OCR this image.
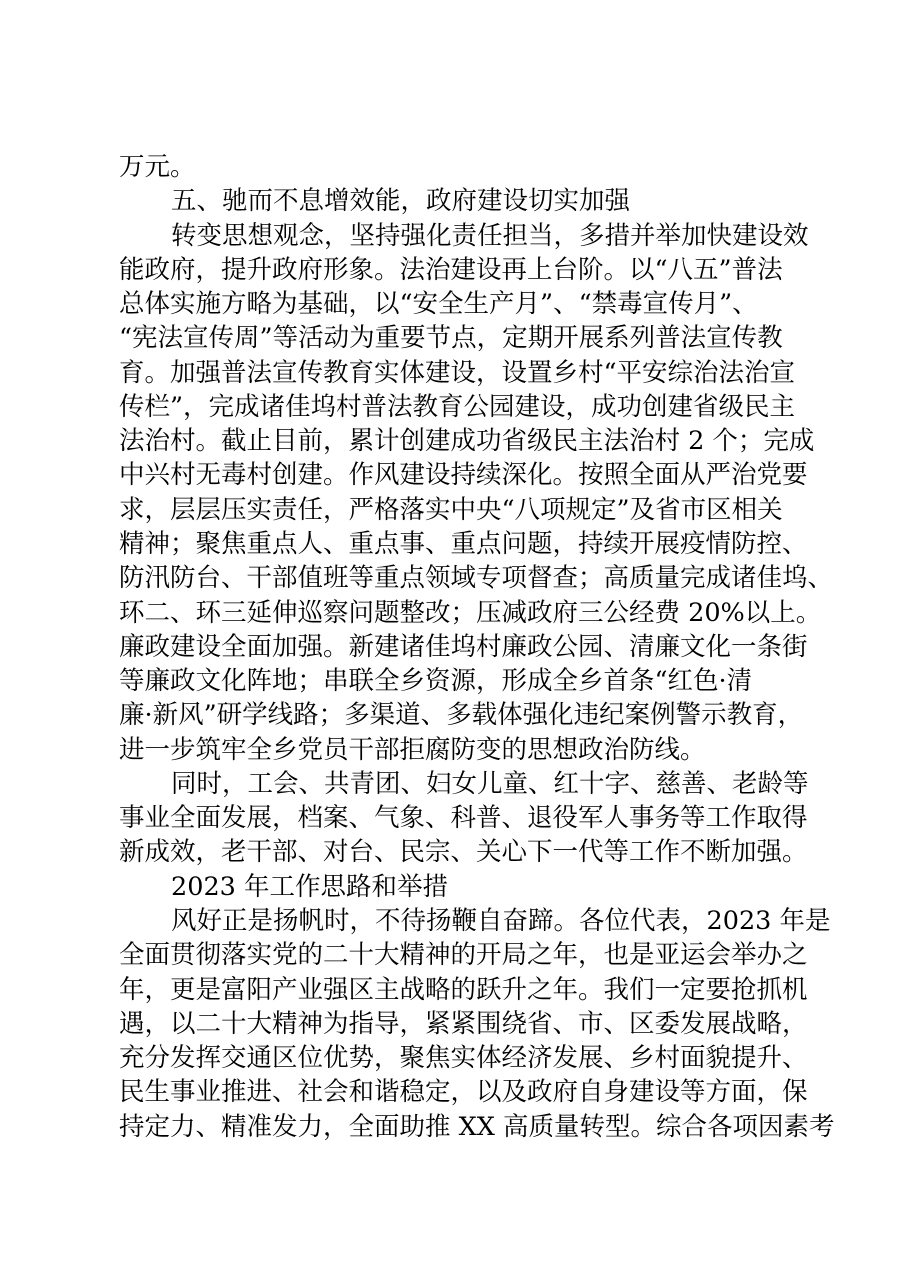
万元。

五、驰而不息增效能，政府建设切实加强

转变思想观念，坚持强化责任担当，多措并举加快建设效

能政府，提升政府形象。法治建设再上台阶。以“八五”普法

总体实施方略为基础，以“安全生产月”、“禁毒宣传月”、

“宪法宣传周”等活动为重要节点，定期开展系列普法宣传教

育。加强普法宣传教育实体建设，设置乡村“平安综治法治宣

传栏”，完成诸佳坞村普法教育公园建设，成功创建省级民主

法治村。截止目前，累计创建成功省级民主法治村 2 个；完成

中兴村无毒村创建。作风建设持续深化。按照全面从严治党要

求，层层压实责任，严格落实中央“八项规定”及省市区相关

精神；聚焦重点人、重点事、重点问题，持续开展疫情防控、

防汛防台、干部值班等重点领域专项督查；高质量完成诸佳坞、

环二、环三延伸巡察问题整改；压减政府三公经费 20%以上。

廉政建设全面加强。新建诸佳坞村廉政公园、清廉文化一条街

等廉政文化阵地；串联全乡资源，形成全乡首条“红色·清

廉·新风”研学线路；多渠道、多载体强化违纪案例警示教育，

进一步筑牢全乡党员干部拒腐防变的思想政治防线。

同时，工会、共青团、妇女儿童、红十字、慈善、老龄等

事业全面发展，档案、气象、科普、退役军人事务等工作取得

新成效，老干部、对台、民宗、关心下一代等工作不断加强。

2023 年工作思路和举措

风好正是扬帆时，不待扬鞭自奋蹄。各位代表，2023 年是

全面贯彻落实党的二十大精神的开局之年，也是亚运会举办之

年，更是富阳产业强区主战略的跃升之年。我们一定要抢抓机

遇，以二十大精神为指导，紧紧围绕省、市、区委发展战略，

充分发挥交通区位优势，聚焦实体经济发展、乡村面貌提升、

民生事业推进、社会和谐稳定，以及政府自身建设等方面，保

持定力、精准发力，全面助推 XX 高质量转型。综合各项因素考
